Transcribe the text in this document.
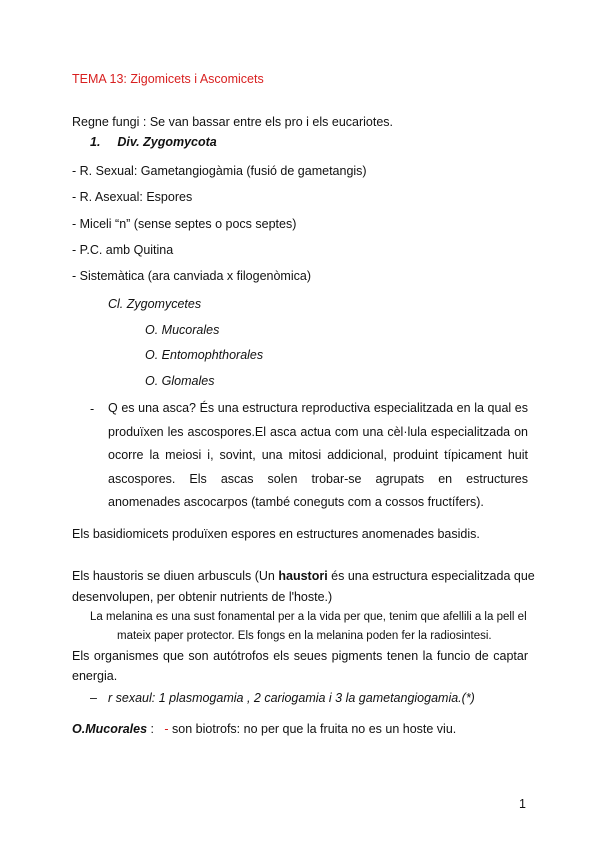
TEMA 13: Zigomicets i Ascomicets
Regne fungi : Se van bassar entre els pro i els eucariotes.
1. Div. Zygomycota
- R. Sexual: Gametangiogàmia (fusió de gametangis)
- R. Asexual: Espores
- Miceli “n” (sense septes o pocs septes)
- P.C. amb Quitina
- Sistemàtica (ara canviada x filogenòmica)
Cl. Zygomycetes
O. Mucorales
O. Entomophthorales
O. Glomales
- Q es una asca? És una estructura reproductiva especialitzada en la qual es produïxen les ascospores.El asca actua com una cèl·lula especialitzada on ocorre la meiosi i, sovint, una mitosi addicional, produint típicament huit ascospores. Els ascas solen trobar-se agrupats en estructures anomenades ascocarpos (també coneguts com a cossos fructífers).
Els basidiomicets produïxen espores en estructures anomenades basidis.
Els haustoris se diuen arbusculs (Un haustori és una estructura especialitzada que
desenvolupen, per obtenir nutrients de l'hoste.)
La melanina es una sust fonamental per a la vida per que, tenim que afellili a la pell el
mateix paper protector. Els fongs en la melanina poden fer la radiosintesi.
Els organismes que son autótrofos els seues pigments tenen la funcio de captar
energia.
– r sexaul: 1 plasmogamia , 2 cariogamia i 3 la gametangiogamia.(*)
O.Mucorales :   - son biotrofs: no per que la fruita no es un hoste viu.
1
